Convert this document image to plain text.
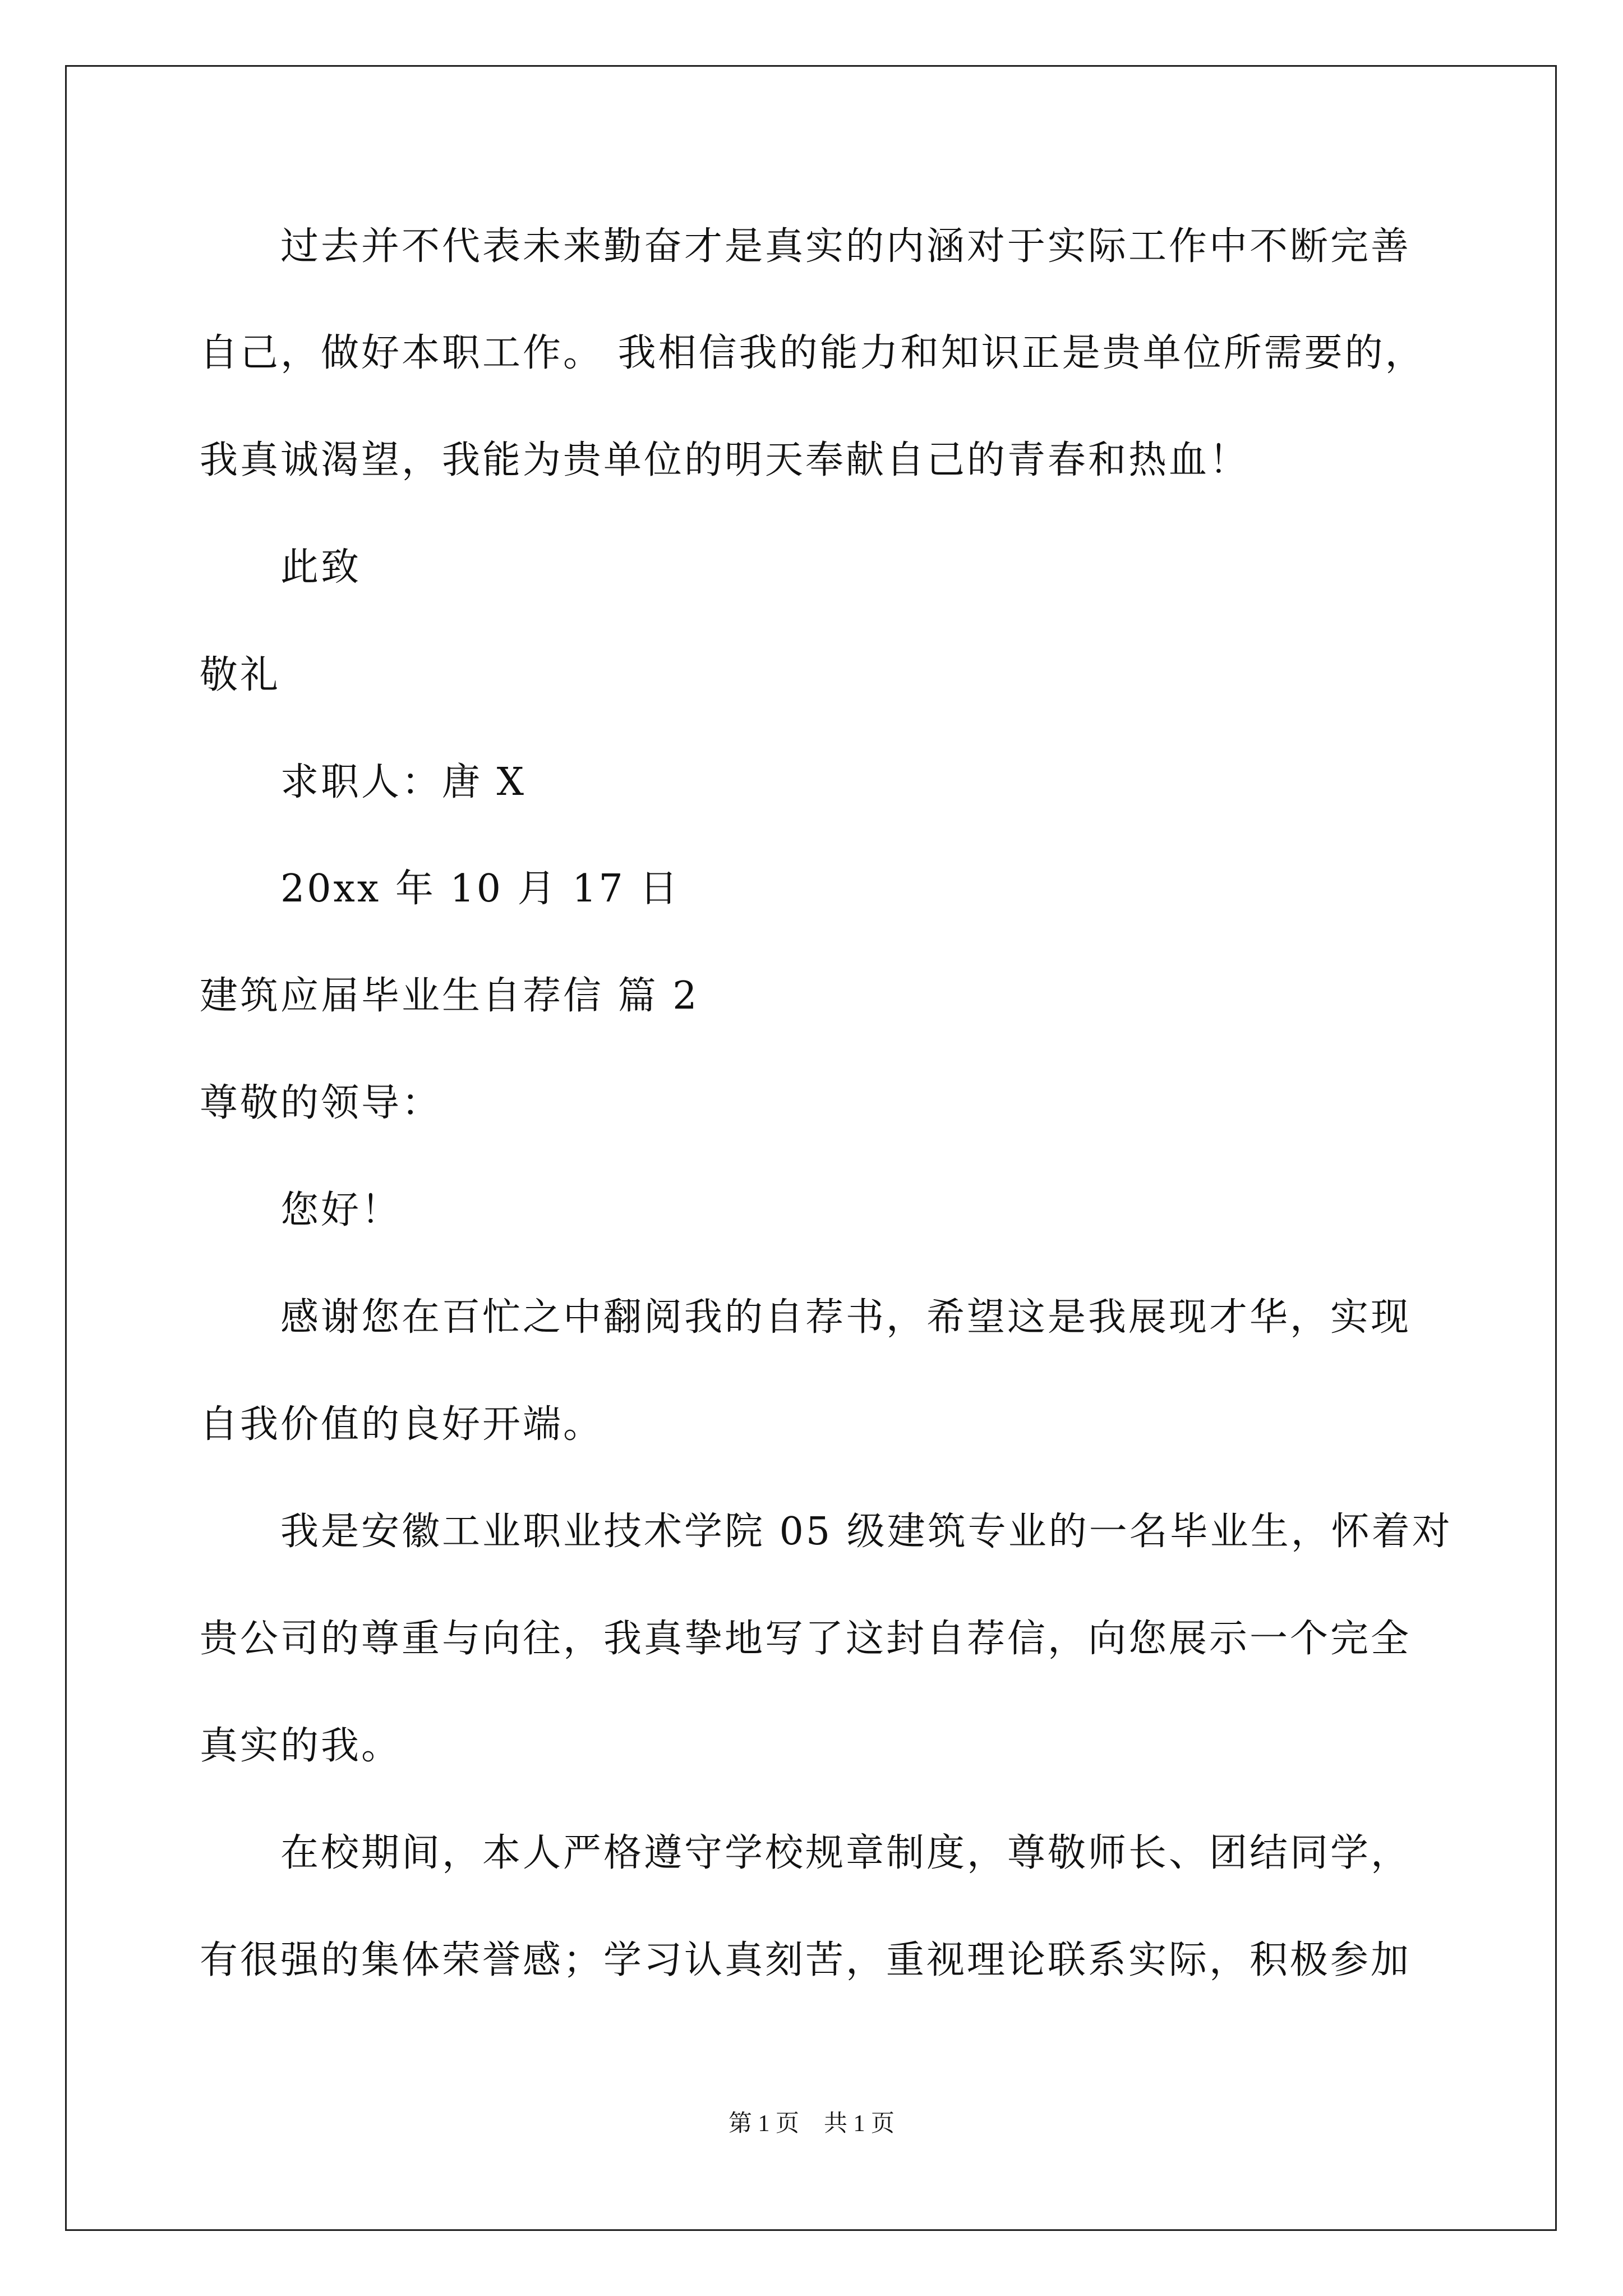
过去并不代表未来勤奋才是真实的内涵对于实际工作中不断完善
自己，做好本职工作。 我相信我的能力和知识正是贵单位所需要的，
我真诚渴望，我能为贵单位的明天奉献自己的青春和热血！
此致
敬礼
求职人：唐 X
20xx 年 10 月 17 日
建筑应届毕业生自荐信 篇 2
尊敬的领导：
您好！
感谢您在百忙之中翻阅我的自荐书，希望这是我展现才华，实现
自我价值的良好开端。
我是安徽工业职业技术学院 05 级建筑专业的一名毕业生，怀着对
贵公司的尊重与向往，我真挚地写了这封自荐信，向您展示一个完全
真实的我。
在校期间，本人严格遵守学校规章制度，尊敬师长、团结同学，
有很强的集体荣誉感；学习认真刻苦，重视理论联系实际，积极参加
第 1 页 共 1 页
